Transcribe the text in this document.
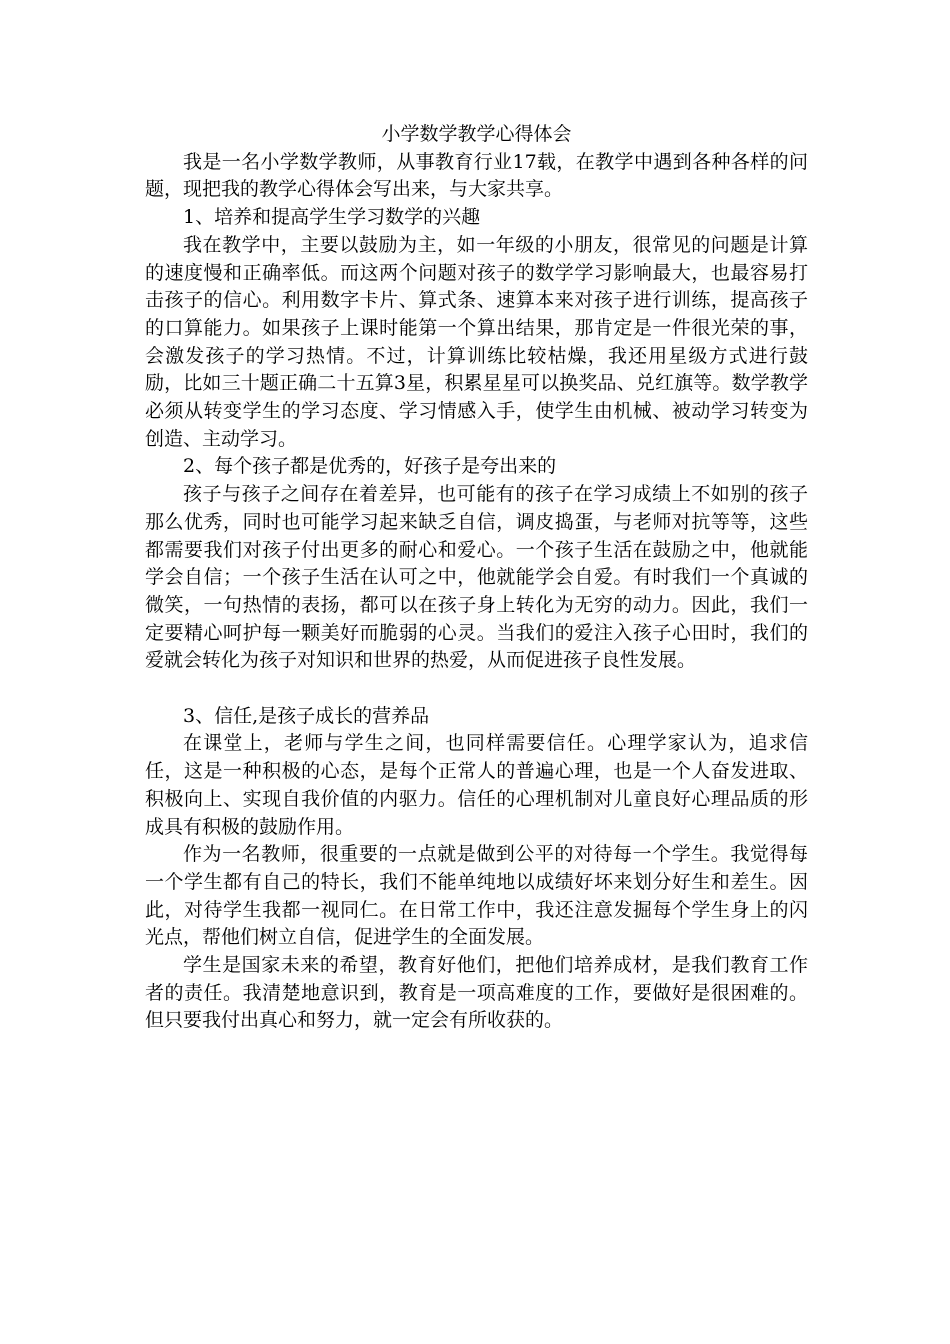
小学数学教学心得体会

我是一名小学数学教师，从事教育行业17载，在教学中遇到各种各样的问题，现把我的教学心得体会写出来，与大家共享。

1、培养和提高学生学习数学的兴趣

我在教学中，主要以鼓励为主，如一年级的小朋友，很常见的问题是计算的速度慢和正确率低。而这两个问题对孩子的数学学习影响最大，也最容易打击孩子的信心。利用数字卡片、算式条、速算本来对孩子进行训练，提高孩子的口算能力。如果孩子上课时能第一个算出结果，那肯定是一件很光荣的事，会激发孩子的学习热情。不过，计算训练比较枯燥，我还用星级方式进行鼓励，比如三十题正确二十五算3星，积累星星可以换奖品、兑红旗等。数学教学必须从转变学生的学习态度、学习情感入手，使学生由机械、被动学习转变为创造、主动学习。

2、每个孩子都是优秀的，好孩子是夸出来的

孩子与孩子之间存在着差异，也可能有的孩子在学习成绩上不如别的孩子那么优秀，同时也可能学习起来缺乏自信，调皮捣蛋，与老师对抗等等，这些都需要我们对孩子付出更多的耐心和爱心。一个孩子生活在鼓励之中，他就能学会自信；一个孩子生活在认可之中，他就能学会自爱。有时我们一个真诚的微笑，一句热情的表扬，都可以在孩子身上转化为无穷的动力。因此，我们一定要精心呵护每一颗美好而脆弱的心灵。当我们的爱注入孩子心田时，我们的爱就会转化为孩子对知识和世界的热爱，从而促进孩子良性发展。

3、信任,是孩子成长的营养品

在课堂上，老师与学生之间，也同样需要信任。心理学家认为，追求信任，这是一种积极的心态，是每个正常人的普遍心理，也是一个人奋发进取、积极向上、实现自我价值的内驱力。信任的心理机制对儿童良好心理品质的形成具有积极的鼓励作用。

作为一名教师，很重要的一点就是做到公平的对待每一个学生。我觉得每一个学生都有自己的特长，我们不能单纯地以成绩好坏来划分好生和差生。因此，对待学生我都一视同仁。在日常工作中，我还注意发掘每个学生身上的闪光点，帮他们树立自信，促进学生的全面发展。

学生是国家未来的希望，教育好他们，把他们培养成材，是我们教育工作者的责任。我清楚地意识到，教育是一项高难度的工作，要做好是很困难的。但只要我付出真心和努力，就一定会有所收获的。
